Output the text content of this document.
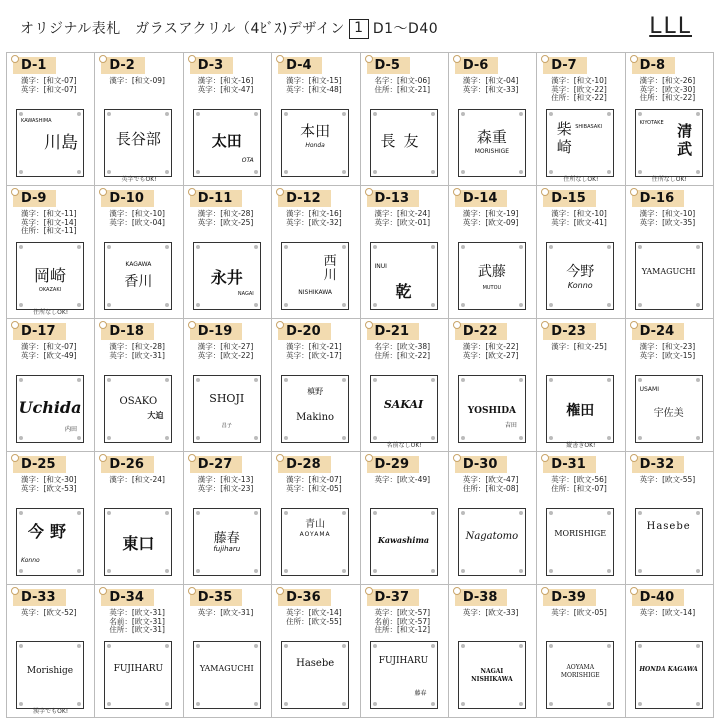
オリジナル表札　ガラスアクリル（4ﾋﾞｽ)デザイン 1 D1～D40	LLL
D-1
漢字：[和文-07]
英字：[和文-07]
川島
KAWASHIMA
D-2
漢字：[和文-09]
長谷部
英字でもOK!
D-3
漢字：[和文-16]
英字：[和文-47]
太田
OTA
D-4
漢字：[和文-15]
英字：[和文-48]
本田
Honda
D-5
名字：[和文-06]
住所：[和文-21]
長友
D-6
漢字：[和文-04]
英字：[和文-33]
森重
MORISHIGE
D-7
漢字：[和文-10]
英字：[欧文-22]
住所：[和文-22]
柴崎
SHIBASAKI
住所なしOK!
D-8
漢字：[和文-26]
英字：[欧文-30]
住所：[和文-22]
清武
KIYOTAKE
住所なしOK!
D-9
漢字：[和文-11]
英字：[和文-14]
住所：[和文-11]
岡崎
OKAZAKI
住所なしOK!
D-10
漢字：[和文-10]
英字：[欧文-04]
香川
KAGAWA
D-11
漢字：[和文-28]
英字：[欧文-25]
永井
NAGAI
D-12
漢字：[和文-16]
英字：[欧文-32]
西川
NISHIKAWA
D-13
漢字：[和文-24]
英字：[欧文-01]
乾
INUI
D-14
漢字：[和文-19]
英字：[欧文-09]
武藤
MUTOU
D-15
漢字：[和文-10]
英字：[欧文-41]
今野
Konno
D-16
漢字：[和文-10]
英字：[欧文-35]
YAMAGUCHI
D-17
漢字：[和文-07]
英字：[欧文-49]
Uchida
内田
D-18
漢字：[和文-28]
英字：[欧文-31]
OSAKO
大迫
D-19
漢字：[和文-27]
英字：[欧文-22]
SHOJI
昌子
D-20
漢字：[和文-21]
英字：[欧文-17]
Makino
槙野
D-21
名字：[欧文-38]
住所：[和文-22]
SAKAI
名前なしOK!
D-22
漢字：[和文-22]
英字：[欧文-27]
YOSHIDA
吉田
D-23
漢字：[和文-25]
権田
縦書きOK!
D-24
漢字：[和文-23]
英字：[欧文-15]
宇佐美
USAMI
D-25
漢字：[和文-30]
英字：[欧文-53]
今野
Konno
D-26
漢字：[和文-24]
東口
D-27
漢字：[和文-13]
英字：[和文-23]
藤春
fujiharu
D-28
漢字：[和文-07]
英字：[和文-05]
青山
AOYAMA
D-29
英字：[欧文-49]
Kawashima
D-30
英字：[欧文-47]
住所：[和文-08]
Nagatomo
D-31
英字：[欧文-56]
住所：[和文-07]
MORISHIGE
D-32
英字：[欧文-55]
Hasebe
D-33
英字：[欧文-52]
Morishige
漢字でもOK!
D-34
英字：[欧文-31]
名前：[欧文-31]
住所：[欧文-31]
FUJIHARU
D-35
英字：[欧文-31]
YAMAGUCHI
D-36
英字：[欧文-14]
住所：[欧文-55]
Hasebe
D-37
英字：[欧文-57]
名前：[欧文-57]
住所：[和文-12]
FUJIHARU
藤春
D-38
英字：[欧文-33]
NAGAI NISHIKAWA
D-39
英字：[欧文-05]
AOYAMA MORISHIGE
D-40
英字：[欧文-14]
HONDA KAGAWA
